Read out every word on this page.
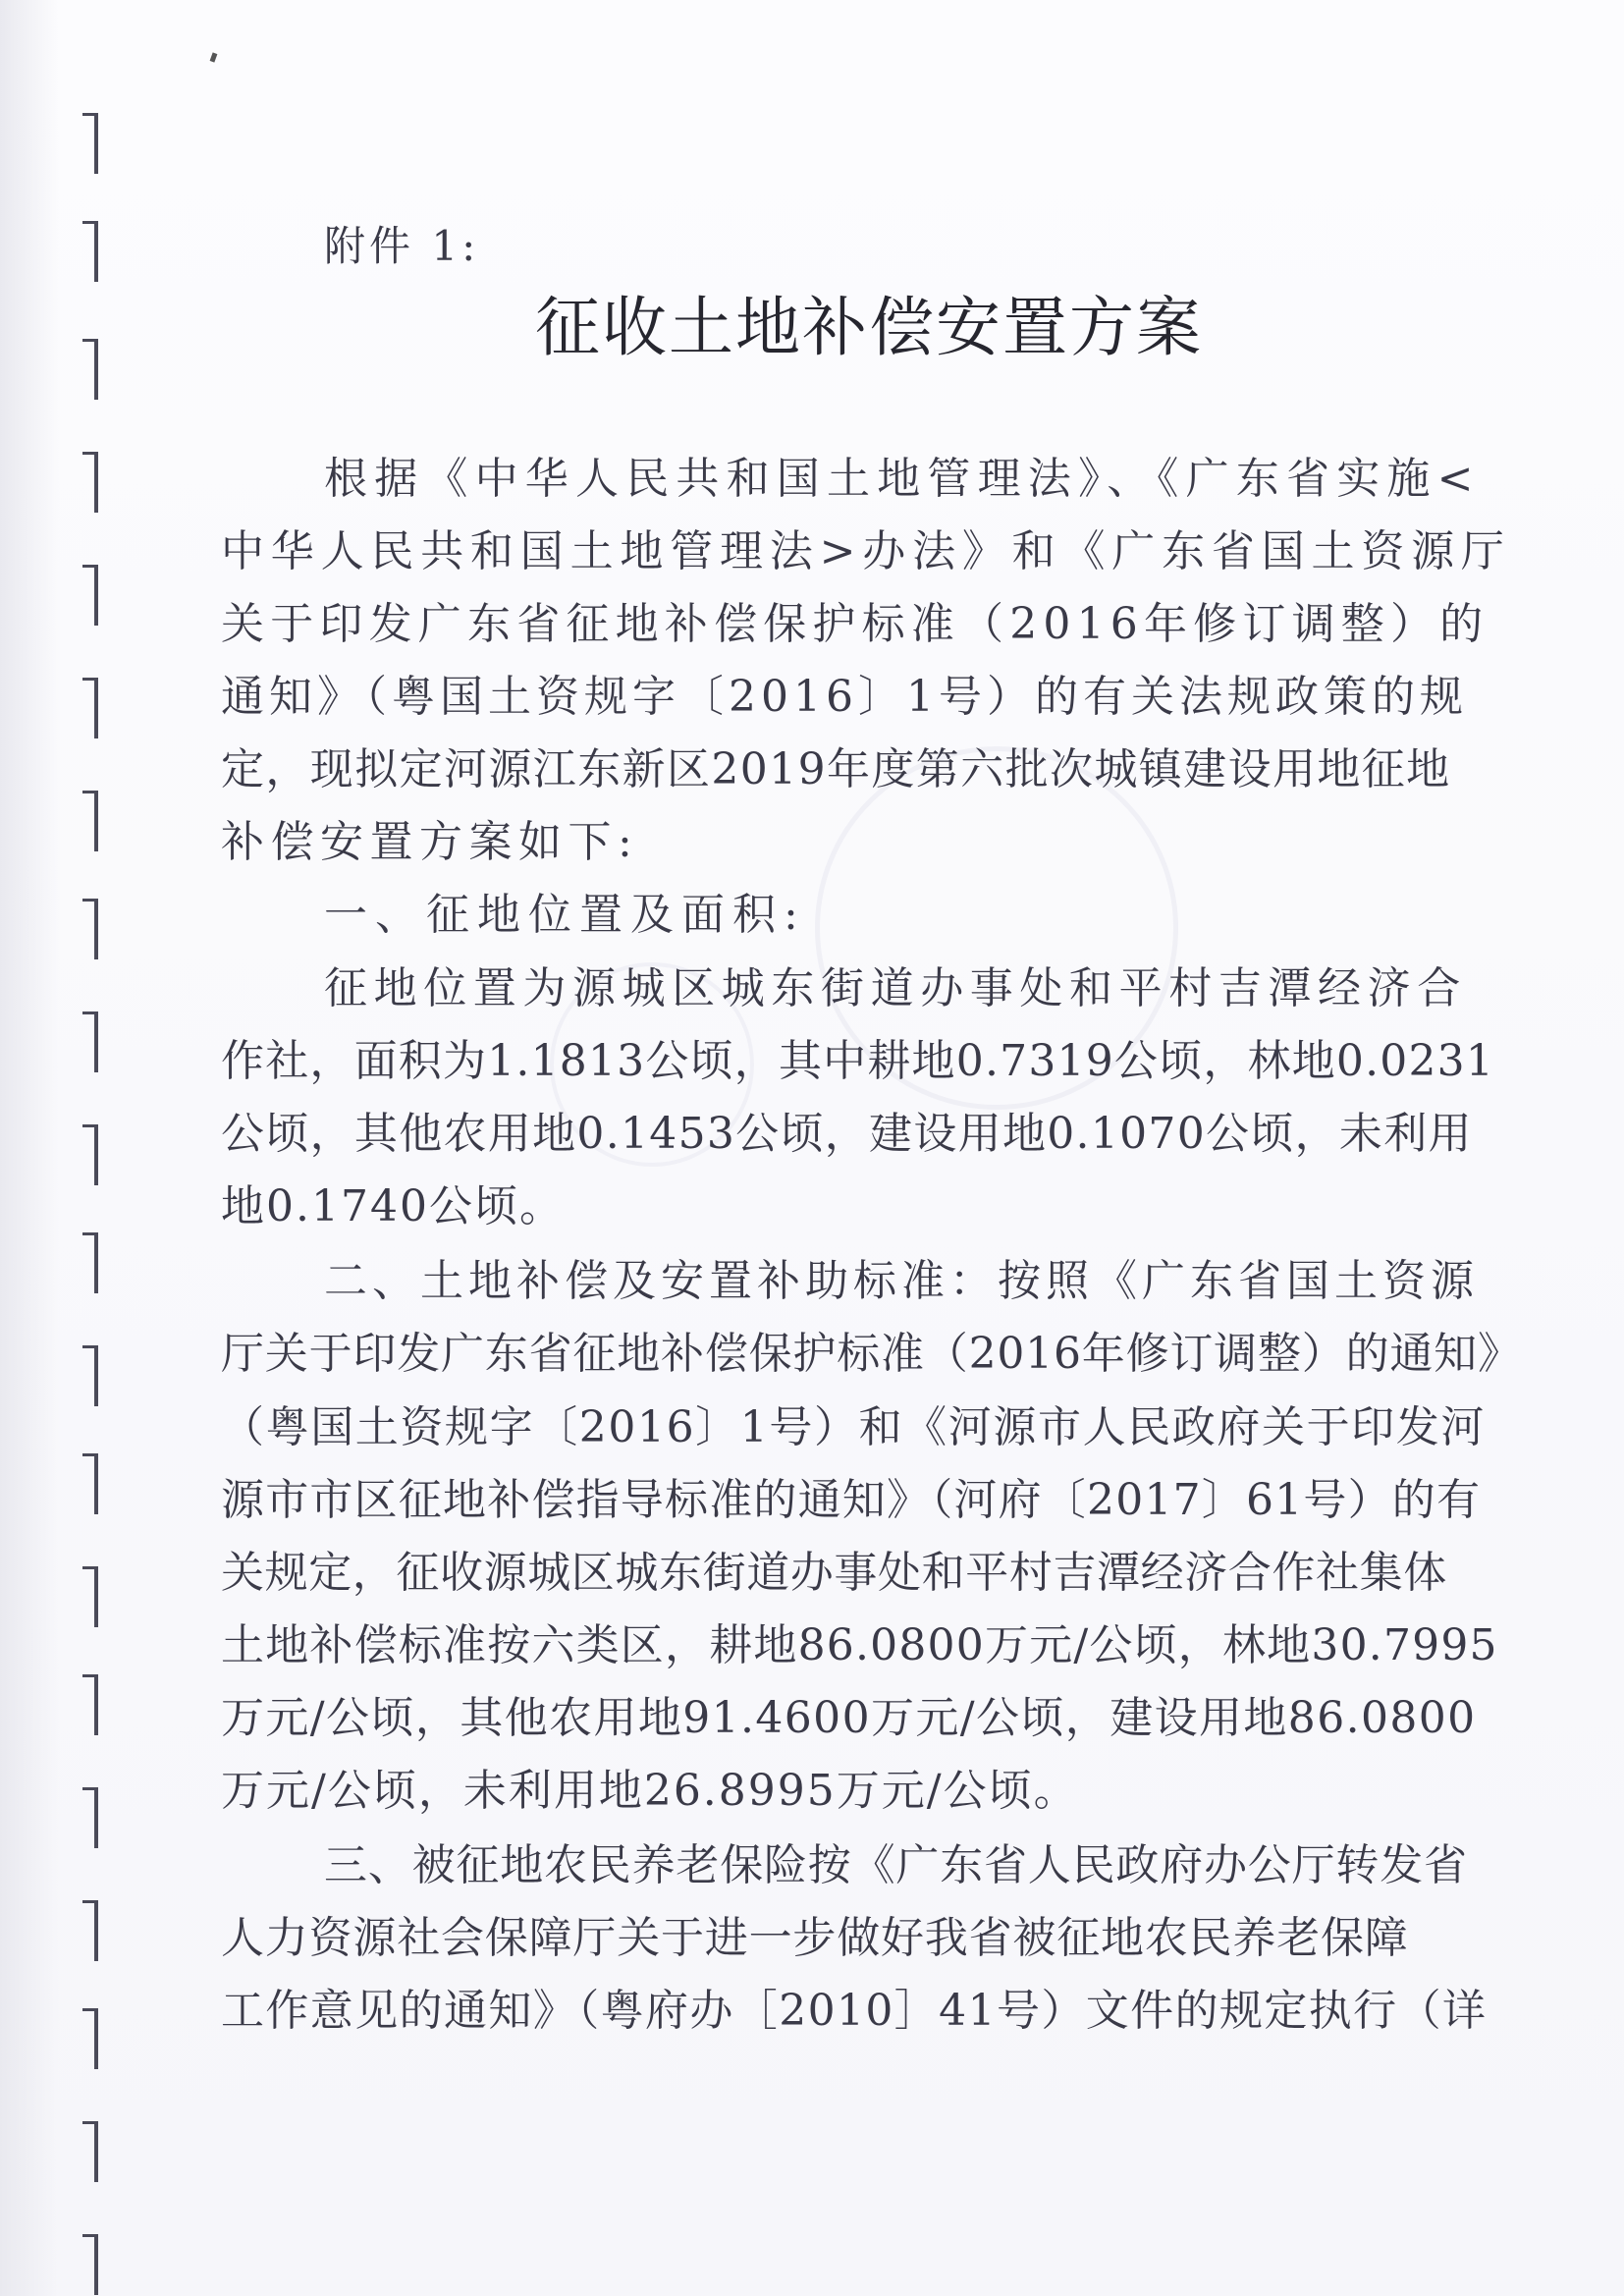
附件 1:
征收土地补偿安置方案
根据《中华人民共和国土地管理法》、《广东省实施<
中华人民共和国土地管理法>办法》和《广东省国土资源厅
关于印发广东省征地补偿保护标准（2016年修订调整）的
通知》（粤国土资规字〔2016〕1号）的有关法规政策的规
定，现拟定河源江东新区2019年度第六批次城镇建设用地征地
补偿安置方案如下:
一、征地位置及面积:
征地位置为源城区城东街道办事处和平村吉潭经济合
作社，面积为1.1813公顷，其中耕地0.7319公顷，林地0.0231
公顷，其他农用地0.1453公顷，建设用地0.1070公顷，未利用
地0.1740公顷。
二、土地补偿及安置补助标准：按照《广东省国土资源
厅关于印发广东省征地补偿保护标准（2016年修订调整）的通知》
（粤国土资规字〔2016〕1号）和《河源市人民政府关于印发河
源市市区征地补偿指导标准的通知》（河府〔2017〕61号）的有
关规定，征收源城区城东街道办事处和平村吉潭经济合作社集体
土地补偿标准按六类区，耕地86.0800万元/公顷，林地30.7995
万元/公顷，其他农用地91.4600万元/公顷，建设用地86.0800
万元/公顷，未利用地26.8995万元/公顷。
三、被征地农民养老保险按《广东省人民政府办公厅转发省
人力资源社会保障厅关于进一步做好我省被征地农民养老保障
工作意见的通知》（粤府办［2010］41号）文件的规定执行（详
